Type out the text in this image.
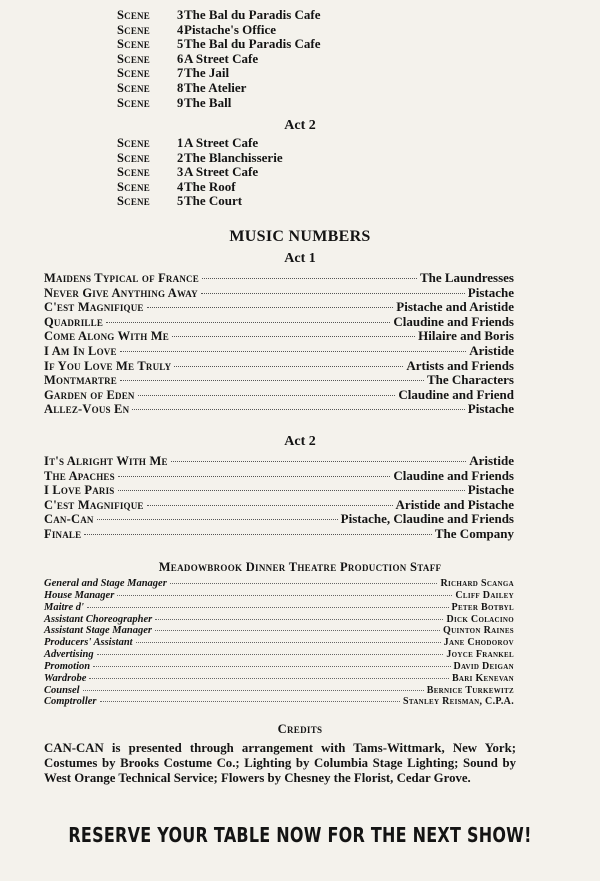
Scene 3 The Bal du Paradis Cafe
Scene 4 Pistache's Office
Scene 5 The Bal du Paradis Cafe
Scene 6 A Street Cafe
Scene 7 The Jail
Scene 8 The Atelier
Scene 9 The Ball
Act 2
Scene 1 A Street Cafe
Scene 2 The Blanchisserie
Scene 3 A Street Cafe
Scene 4 The Roof
Scene 5 The Court
MUSIC NUMBERS
Act 1
Maidens Typical of France	The Laundresses
Never Give Anything Away	Pistache
C'est Magnifique	Pistache and Aristide
Quadrille	Claudine and Friends
Come Along With Me	Hilaire and Boris
I Am In Love	Aristide
If You Love Me Truly	Artists and Friends
Montmartre	The Characters
Garden of Eden	Claudine and Friend
Allez-Vous En	Pistache
Act 2
It's Alright With Me	Aristide
The Apaches	Claudine and Friends
I Love Paris	Pistache
C'est Magnifique	Aristide and Pistache
Can-Can	Pistache, Claudine and Friends
Finale	The Company
Meadowbrook Dinner Theatre Production Staff
General and Stage Manager	Richard Scanga
House Manager	Cliff Dailey
Maitre d'	Peter Botbyl
Assistant Choreographer	Dick Colacino
Assistant Stage Manager	Quinton Raines
Producers' Assistant	Jane Chodorov
Advertising	Joyce Frankel
Promotion	David Deigan
Wardrobe	Bari Kenevan
Counsel	Bernice Turkewitz
Comptroller	Stanley Reisman, C.P.A.
Credits
CAN-CAN is presented through arrangement with Tams-Wittmark, New York; Costumes by Brooks Costume Co.; Lighting by Columbia Stage Lighting; Sound by West Orange Technical Service; Flowers by Chesney the Florist, Cedar Grove.
RESERVE YOUR TABLE NOW FOR THE NEXT SHOW!
